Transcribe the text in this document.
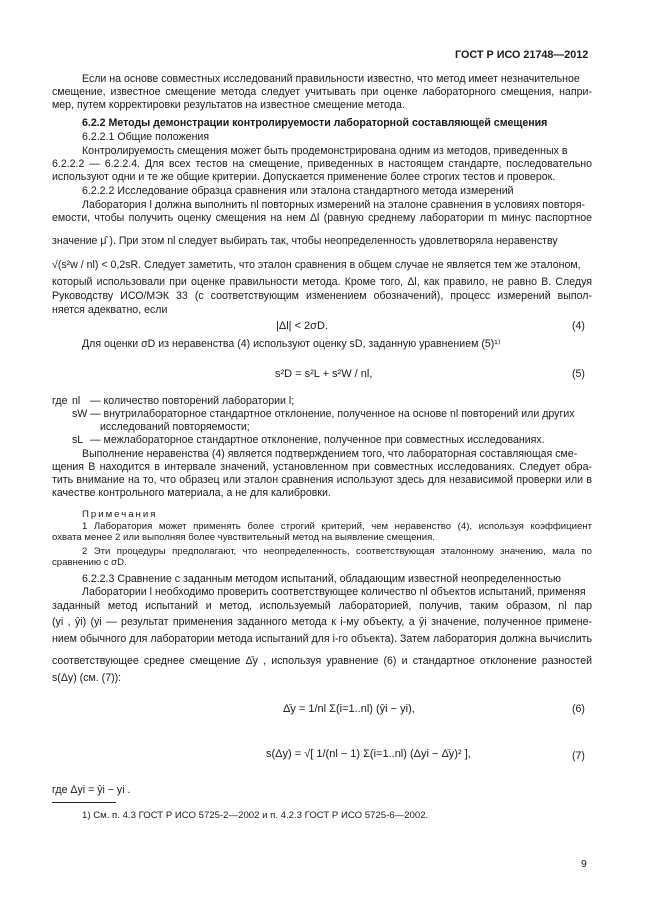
ГОСТ Р ИСО 21748—2012
Если на основе совместных исследований правильности известно, что метод имеет незначительное
смещение, известное смещение метода следует учитывать при оценке лабораторного смещения, напри-
мер, путем корректировки результатов на известное смещение метода.
6.2.2 Методы демонстрации контролируемости лабораторной составляющей смещения
6.2.2.1 Общие положения
Контролируемость смещения может быть продемонстрирована одним из методов, приведенных в
6.2.2.2 — 6.2.2.4. Для всех тестов на смещение, приведенных в настоящем стандарте, последовательно
используют одни и те же общие критерии. Допускается применение более строгих тестов и проверок.
6.2.2.2 Исследование образца сравнения или эталона стандартного метода измерений
Лаборатория l должна выполнить nl повторных измерений на эталоне сравнения в условиях повторя-
емости, чтобы получить оценку смещения на нем Δl (равную среднему лаборатории m минус паспортное
значение μ̂ ). При этом nl следует выбирать так, чтобы неопределенность удовлетворяла неравенству
√(s²w / nl) < 0,2sR. Следует заметить, что эталон сравнения в общем случае не является тем же эталоном,
который использовали при оценке правильности метода. Кроме того, Δl, как правило, не равно B. Следуя
Руководству ИСО/МЭК 33 (с соответствующим изменением обозначений), процесс измерений выпол-
няется адекватно, если
|Δl| < 2σD.	(4)
Для оценки σD из неравенства (4) используют оценку sD, заданную уравнением (5)¹⁾
s²D = s²L + s²W / nl,	(5)
где nl — количество повторений лаборатории l;
sW — внутрилабораторное стандартное отклонение, полученное на основе nl повторений или других
исследований повторяемости;
sL — межлабораторное стандартное отклонение, полученное при совместных исследованиях.
Выполнение неравенства (4) является подтверждением того, что лабораторная составляющая сме-
щения B находится в интервале значений, установленном при совместных исследованиях. Следует обра-
тить внимание на то, что образец или эталон сравнения используют здесь для независимой проверки или в
качестве контрольного материала, а не для калибровки.
Примечания
1 Лаборатория может применять более строгий критерий, чем неравенство (4), используя коэффициент
охвата менее 2 или выполняя более чувствительный метод на выявление смещения.
2 Эти процедуры предполагают, что неопределенность, соответствующая эталонному значению, мала по
сравнению с σD.
6.2.2.3 Сравнение с заданным методом испытаний, обладающим известной неопределенностью
Лаборатории l необходимо проверить соответствующее количество nl объектов испытаний, применяя
заданный метод испытаний и метод, используемый лабораторией, получив, таким образом, nl пар
(yi , ŷi) (yi — результат применения заданного метода к i-му объекту, а ŷi значение, полученное примене-
нием обычного для лаборатории метода испытаний для i-го объекта). Затем лаборатория должна вычислить
соответствующее среднее смещение Δ̄y , используя уравнение (6) и стандартное отклонение разностей
s(Δy) (см. (7)):
Δ̄y = 1/nl Σ(i=1..nl) (ŷi − yi),	(6)
s(Δy) = √[ 1/(nl − 1) Σ(i=1..nl) (Δyi − Δ̄y)² ],	(7)
где Δyi = ŷi − yi .
1) См. п. 4.3 ГОСТ Р ИСО 5725-2—2002 и п. 4.2.3 ГОСТ Р ИСО 5725-6—2002.
9
